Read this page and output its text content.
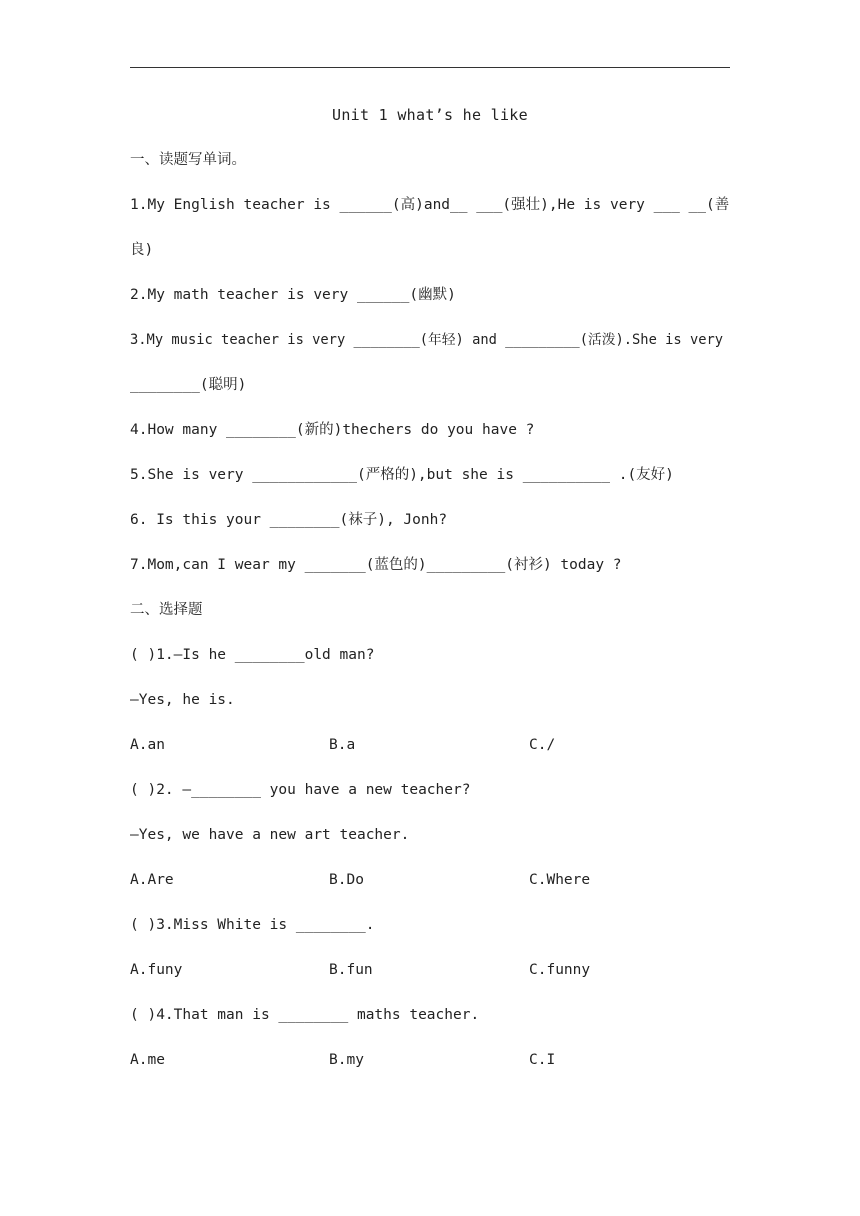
Unit 1 what’s he like
一、读题写单词。
1.My English teacher is ______(高)and__ ___(强壮),He is very ___ __(善
良)
2.My math teacher is very ______(幽默)
3.My music teacher is very ________(年轻) and _________(活泼).She is very
________(聪明)
4.How many ________(新的)thechers do you have ?
5.She is very ____________(严格的),but she is __________ .(友好)
6. Is this your ________(袜子), Jonh?
7.Mom,can I wear my _______(蓝色的)_________(衬衫) today ?
二、选择题
( )1.—Is he ________old man?
—Yes, he is.
A.an	B.a	C./
( )2. —________ you have a new teacher?
—Yes, we have a new art teacher.
A.Are	B.Do	C.Where
( )3.Miss White is ________.
A.funy	B.fun	C.funny
( )4.That man is ________ maths teacher.
A.me	B.my	C.I
